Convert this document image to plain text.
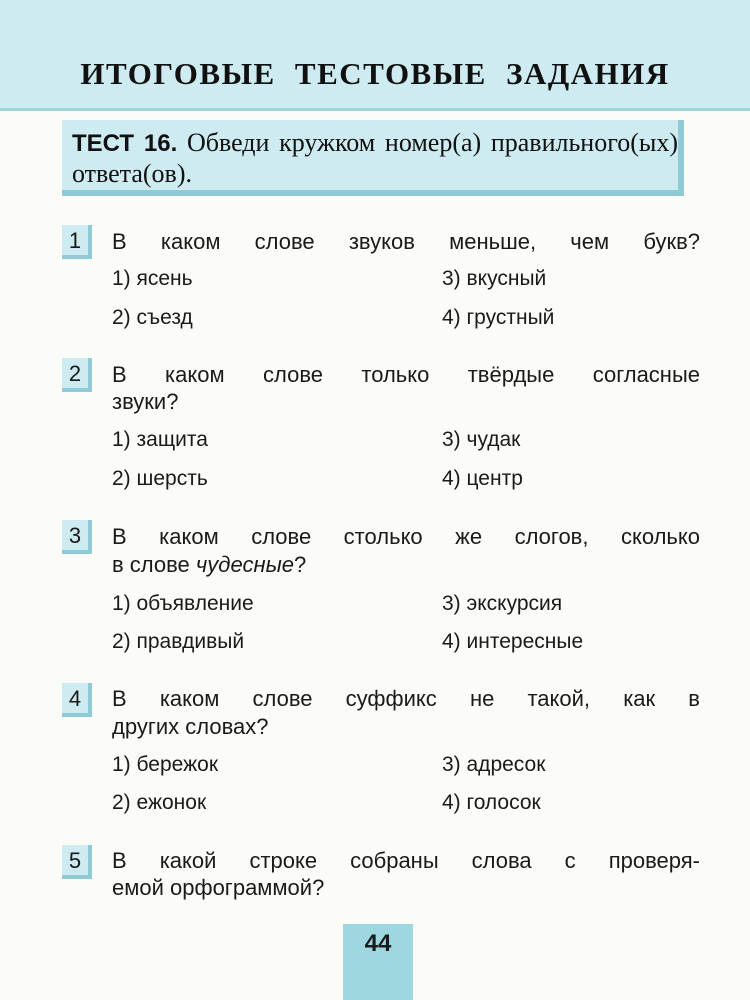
ИТОГОВЫЕ ТЕСТОВЫЕ ЗАДАНИЯ
ТЕСТ 16. Обведи кружком номер(а) правильного(ых) ответа(ов).
1	В каком слове звуков меньше, чем букв?
1) ясень
2) съезд
3) вкусный
4) грустный
2	В каком слове только твёрдые согласные
звуки?
1) защита
2) шерсть
3) чудак
4) центр
3	В каком слове столько же слогов, сколько
в слове чудесные?
1) объявление
2) правдивый
3) экскурсия
4) интересные
4	В каком слове суффикс не такой, как в
других словах?
1) бережок
2) ежонок
3) адресок
4) голосок
5	В какой строке собраны слова с проверя-
емой орфограммой?
44
